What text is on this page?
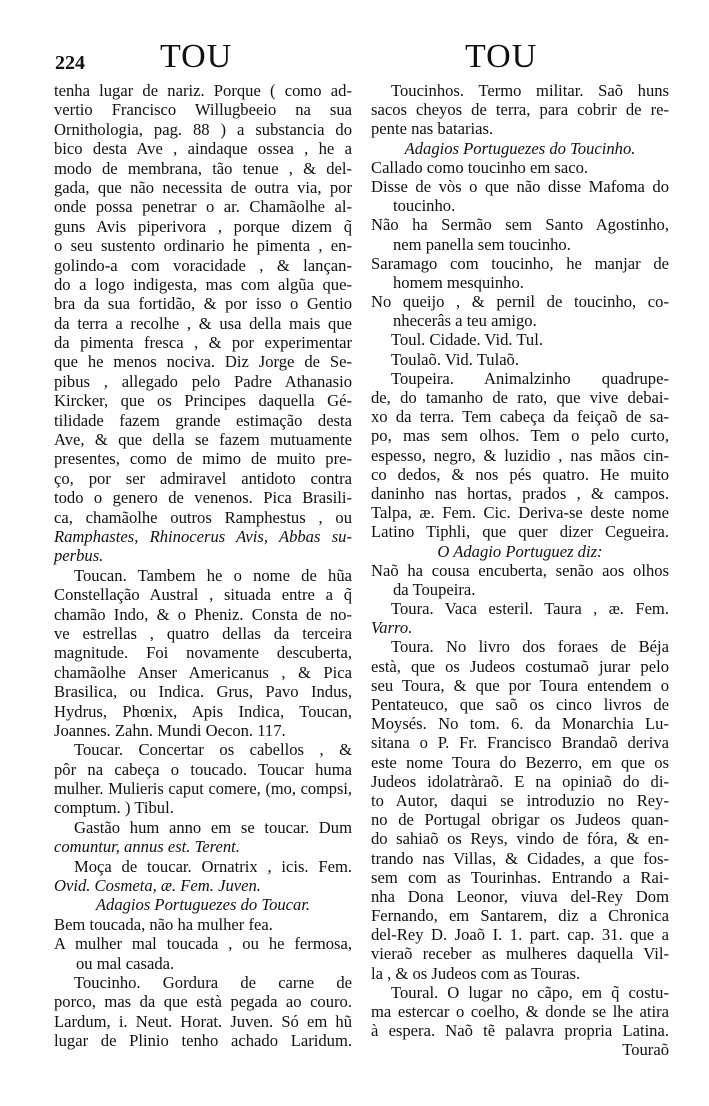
224 TOU	TOU
tenha lugar de nariz. Porque ( como ad-
vertio Francisco Willugbeeio na sua
Ornithologia, pag. 88 ) a substancia do
bico desta Ave , aindaque ossea , he a
modo de membrana, tão tenue , & del-
gada, que não necessita de outra via, por
onde possa penetrar o ar. Chamãolhe al-
guns Avis piperivora , porque dizem q̃
o seu sustento ordinario he pimenta , en-
golindo-a com voracidade , & lançan-
do a logo indigesta, mas com algũa que-
bra da sua fortidão, & por isso o Gentio
da terra a recolhe , & usa della mais que
da pimenta fresca , & por experimentar
que he menos nociva. Diz Jorge de Se-
pibus , allegado pelo Padre Athanasio
Kircker, que os Principes daquella Gé-
tilidade fazem grande estimação desta
Ave, & que della se fazem mutuamente
presentes, como de mimo de muito pre-
ço, por ser admiravel antidoto contra
todo o genero de venenos. Pica Brasili-
ca, chamãolhe outros Ramphestus , ou
Ramphastes, Rhinocerus Avis, Abbas su-
perbus.
Toucan. Tambem he o nome de hũa
Constellação Austral , situada entre a q̃
chamão Indo, & o Pheniz. Consta de no-
ve estrellas , quatro dellas da terceira
magnitude. Foi novamente descuberta,
chamãolhe Anser Americanus , & Pica
Brasilica, ou Indica. Grus, Pavo Indus,
Hydrus, Phœnix, Apis Indica, Toucan,
Joannes. Zahn. Mundi Oecon. 117.
Toucar. Concertar os cabellos , &
pôr na cabeça o toucado. Toucar huma
mulher. Mulieris caput comere, (mo, compsi,
comptum. ) Tibul.
Gastão hum anno em se toucar. Dum
comuntur, annus est. Terent.
Moça de toucar. Ornatrix , icis. Fem.
Ovid. Cosmeta, æ. Fem. Juven.
Adagios Portuguezes do Toucar.
Bem toucada, não ha mulher fea.
A mulher mal toucada , ou he fermosa,
ou mal casada.
Toucinho. Gordura de carne de
porco, mas da que està pegada ao couro.
Lardum, i. Neut. Horat. Juven. Só em hũ
lugar de Plinio tenho achado Laridum.
Toucinhos. Termo militar. Saõ huns
sacos cheyos de terra, para cobrir de re-
pente nas batarias.
Adagios Portuguezes do Toucinho.
Callado como toucinho em saco.
Disse de vòs o que não disse Mafoma do
toucinho.
Não ha Sermão sem Santo Agostinho,
nem panella sem toucinho.
Saramago com toucinho, he manjar de
homem mesquinho.
No queijo , & pernil de toucinho, co-
nhecerâs a teu amigo.
Toul. Cidade. Vid. Tul.
Toulaõ. Vid. Tulaõ.
Toupeira. Animalzinho quadrupe-
de, do tamanho de rato, que vive debai-
xo da terra. Tem cabeça da feiçaõ de sa-
po, mas sem olhos. Tem o pelo curto,
espesso, negro, & luzidio , nas mãos cin-
co dedos, & nos pés quatro. He muito
daninho nas hortas, prados , & campos.
Talpa, æ. Fem. Cic. Deriva-se deste nome
Latino Tiphli, que quer dizer Cegueira.
O Adagio Portuguez diz:
Naõ ha cousa encuberta, senão aos olhos
da Toupeira.
Toura. Vaca esteril. Taura , æ. Fem.
Varro.
Toura. No livro dos foraes de Béja
està, que os Judeos costumaõ jurar pelo
seu Toura, & que por Toura entendem o
Pentateuco, que saõ os cinco livros de
Moysés. No tom. 6. da Monarchia Lu-
sitana o P. Fr. Francisco Brandaõ deriva
este nome Toura do Bezerro, em que os
Judeos idolatràraõ. E na opiniaõ do di-
to Autor, daqui se introduzio no Rey-
no de Portugal obrigar os Judeos quan-
do sahiaõ os Reys, vindo de fóra, & en-
trando nas Villas, & Cidades, a que fos-
sem com as Tourinhas. Entrando a Rai-
nha Dona Leonor, viuva del-Rey Dom
Fernando, em Santarem, diz a Chronica
del-Rey D. Joaõ I. 1. part. cap. 31. que a
vieraõ receber as mulheres daquella Vil-
la , & os Judeos com as Touras.
Toural. O lugar no cãpo, em q̃ costu-
ma estercar o coelho, & donde se lhe atira
à espera. Naõ tẽ palavra propria Latina.
Touraõ
